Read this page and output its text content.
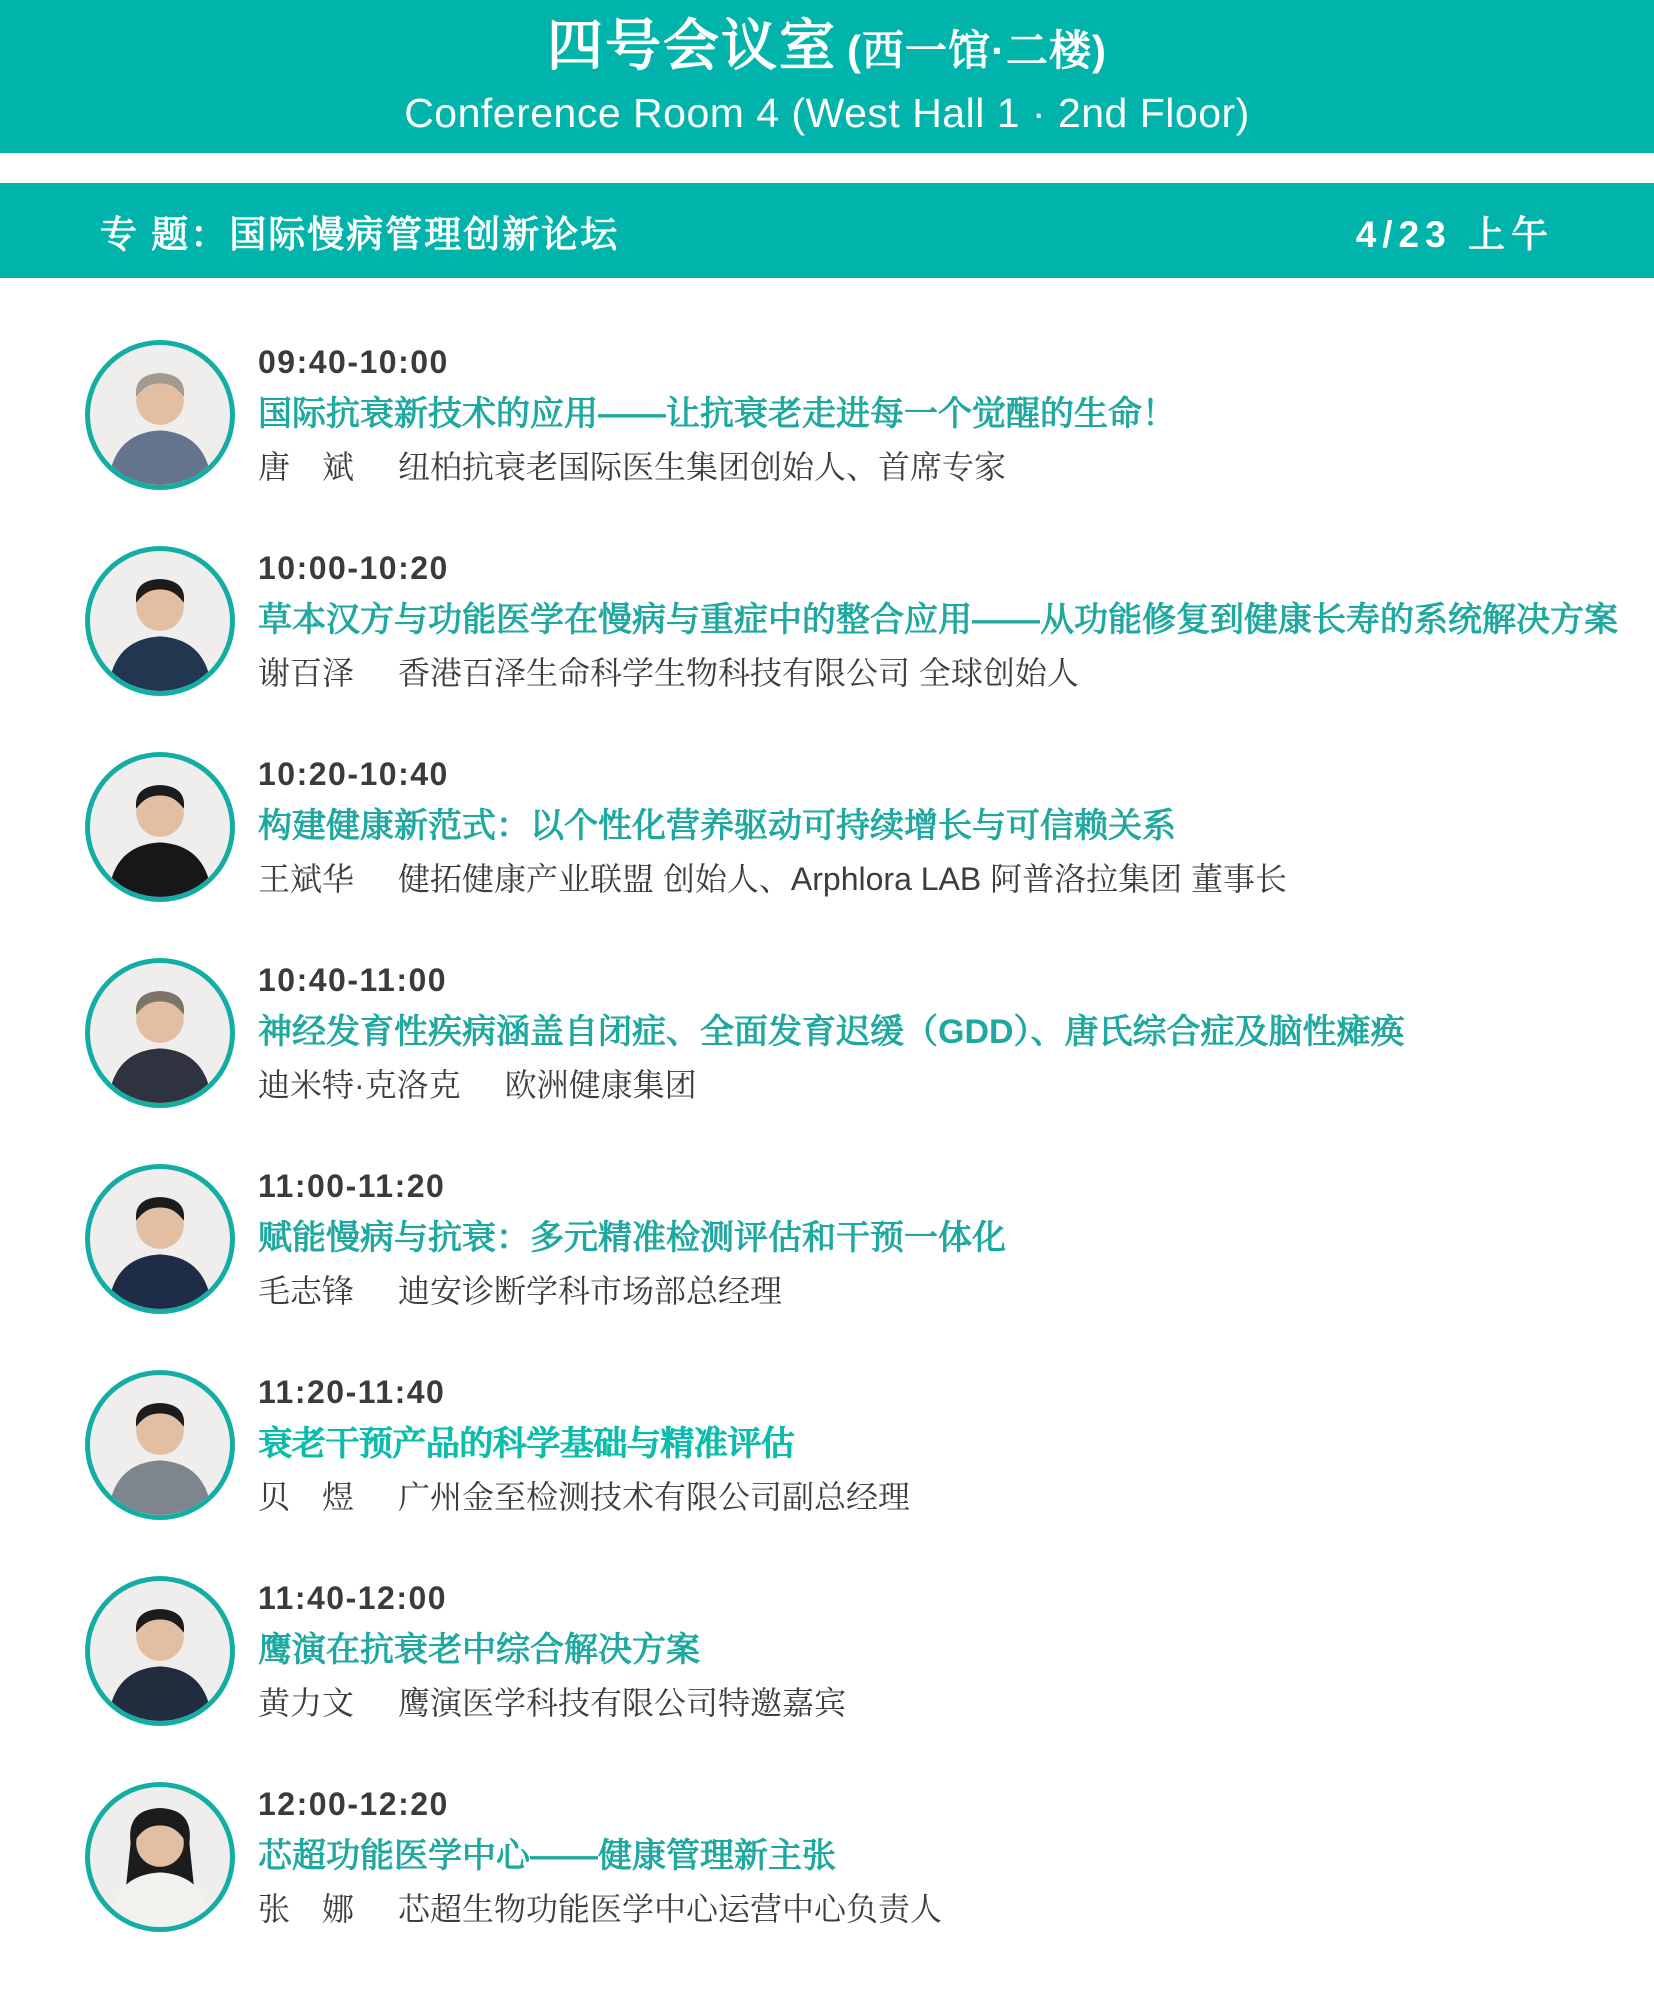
四号会议室 (西一馆·二楼)
Conference Room 4 (West Hall 1 · 2nd Floor)
专 题：国际慢病管理创新论坛	4/23 上午
09:40-10:00
国际抗衰新技术的应用——让抗衰老走进每一个觉醒的生命！
唐　斌 纽柏抗衰老国际医生集团创始人、首席专家
10:00-10:20
草本汉方与功能医学在慢病与重症中的整合应用——从功能修复到健康长寿的系统解决方案
谢百泽 香港百泽生命科学生物科技有限公司 全球创始人
10:20-10:40
构建健康新范式：以个性化营养驱动可持续增长与可信赖关系
王斌华 健拓健康产业联盟 创始人、Arphlora LAB 阿普洛拉集团 董事长
10:40-11:00
神经发育性疾病涵盖自闭症、全面发育迟缓（GDD）、唐氏综合症及脑性瘫痪
迪米特·克洛克 欧洲健康集团
11:00-11:20
赋能慢病与抗衰：多元精准检测评估和干预一体化
毛志锋 迪安诊断学科市场部总经理
11:20-11:40
衰老干预产品的科学基础与精准评估
贝　煜 广州金至检测技术有限公司副总经理
11:40-12:00
鹰演在抗衰老中综合解决方案
黄力文 鹰演医学科技有限公司特邀嘉宾
12:00-12:20
芯超功能医学中心——健康管理新主张
张　娜 芯超生物功能医学中心运营中心负责人
